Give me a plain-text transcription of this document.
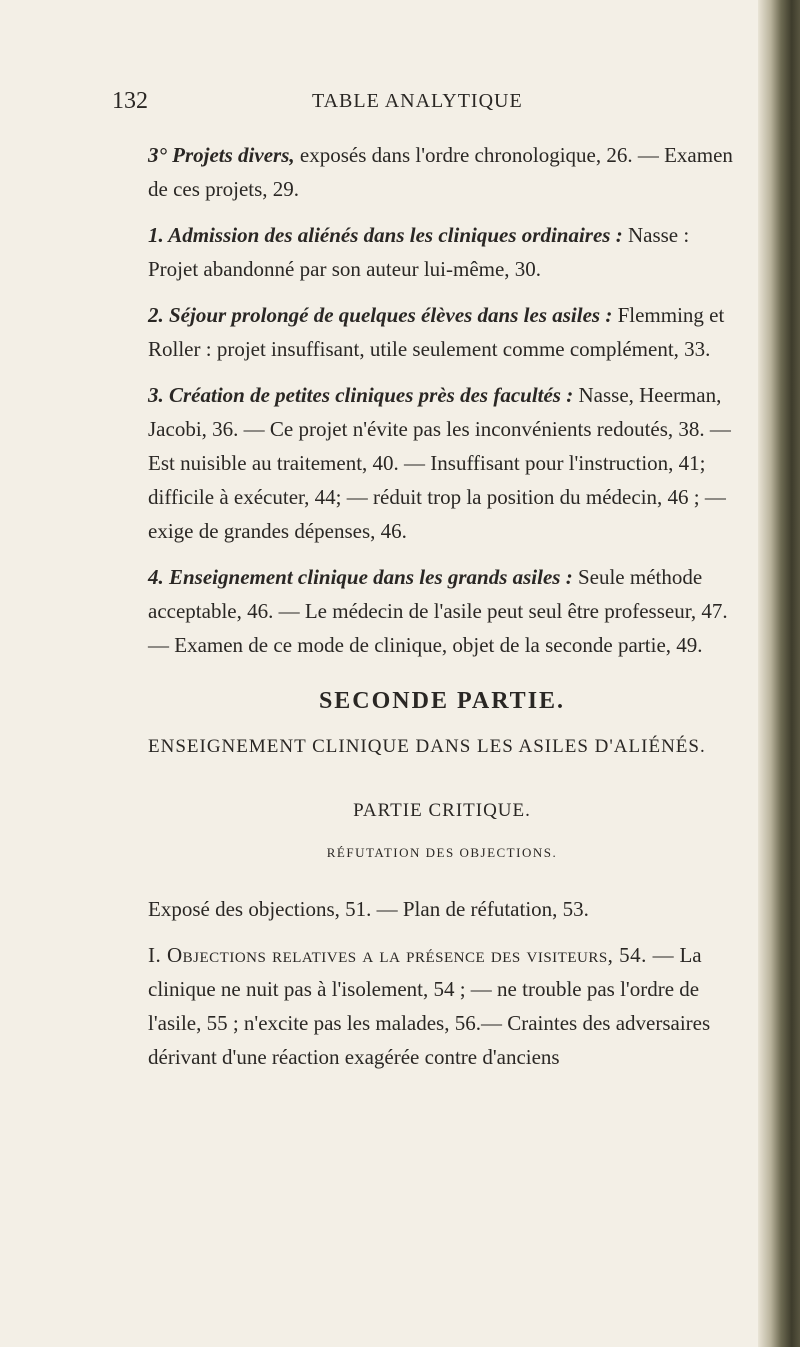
132	TABLE ANALYTIQUE

3° Projets divers, exposés dans l'ordre chronologique, 26. — Examen de ces projets, 29.

1. Admission des aliénés dans les cliniques ordinaires : Nasse : Projet abandonné par son auteur lui-même, 30.

2. Séjour prolongé de quelques élèves dans les asiles : Flemming et Roller : projet insuffisant, utile seulement comme complément, 33.

3. Création de petites cliniques près des facultés : Nasse, Heerman, Jacobi, 36. — Ce projet n'évite pas les inconvénients redoutés, 38. — Est nuisible au traitement, 40. — Insuffisant pour l'instruction, 41; difficile à exécuter, 44; — réduit trop la position du médecin, 46 ; — exige de grandes dépenses, 46.

4. Enseignement clinique dans les grands asiles : Seule méthode acceptable, 46. — Le médecin de l'asile peut seul être professeur, 47. — Examen de ce mode de clinique, objet de la seconde partie, 49.

SECONDE PARTIE.
ENSEIGNEMENT CLINIQUE DANS LES ASILES D'ALIÉNÉS.
PARTIE CRITIQUE.
RÉFUTATION DES OBJECTIONS.

Exposé des objections, 51. — Plan de réfutation, 53.

I. Objections relatives a la présence des visiteurs, 54. — La clinique ne nuit pas à l'isolement, 54 ; — ne trouble pas l'ordre de l'asile, 55 ; n'excite pas les malades, 56.— Craintes des adversaires dérivant d'une réaction exagérée contre d'anciens
